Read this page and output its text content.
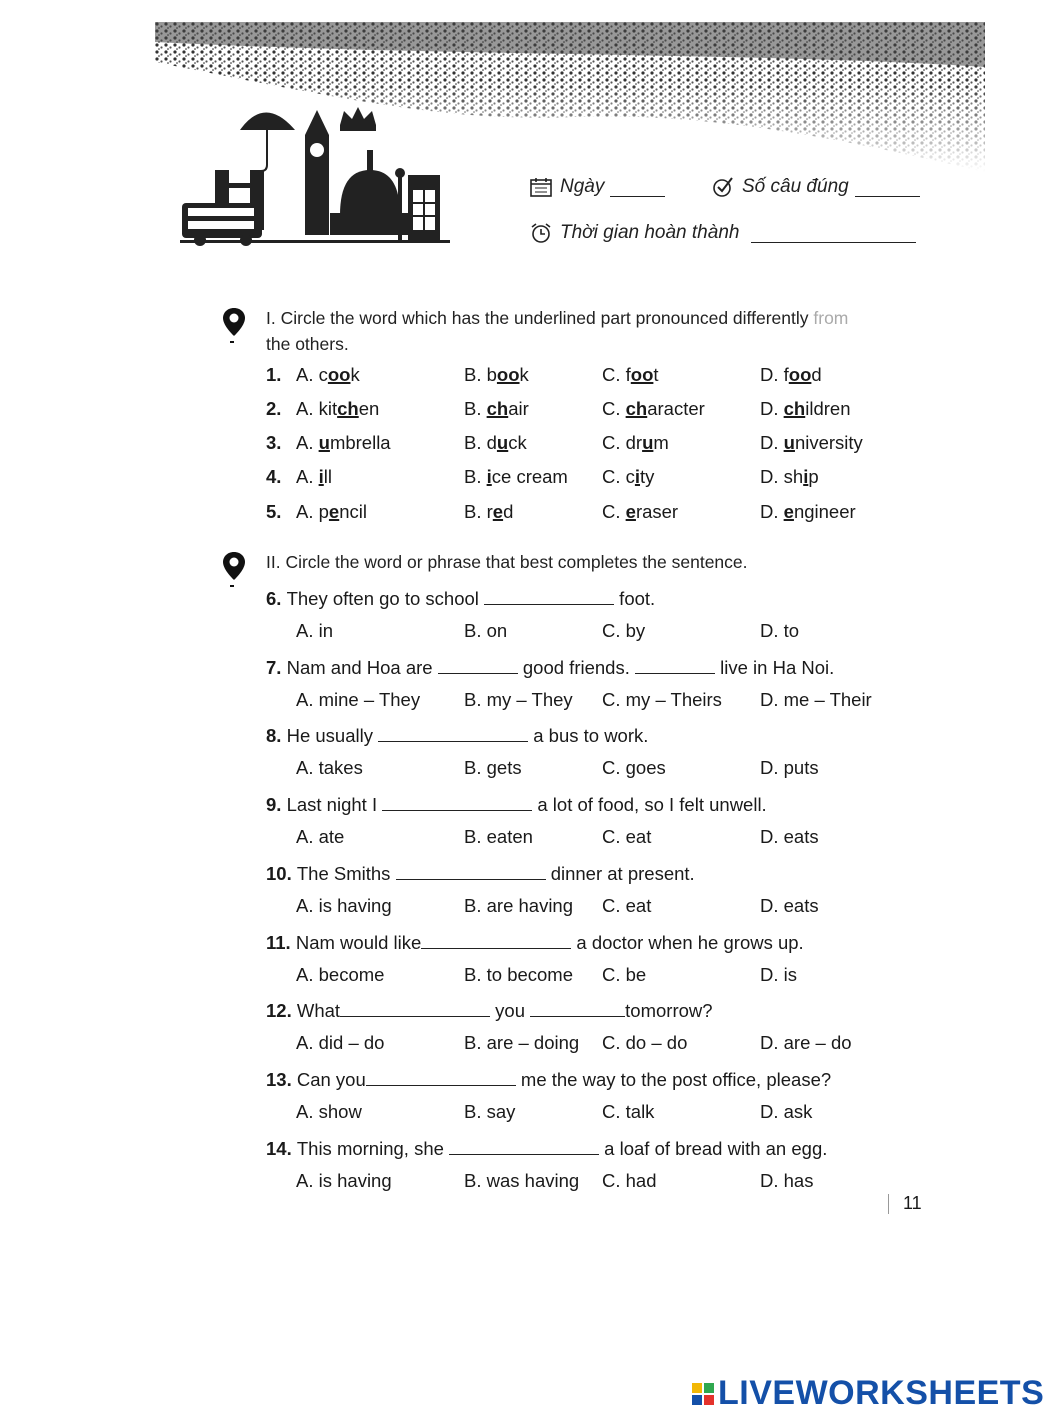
Ngày	Số câu đúng
Thời gian hoàn thành
I. Circle the word which has the underlined part pronounced differently from
the others.
1. A. cook	B. book	C. foot	D. food
2. A. kitchen	B. chair	C. character	D. children
3. A. umbrella	B. duck	C. drum	D. university
4. A. ill	B. ice cream C. city	D. ship
5. A. pencil	B. red	C. eraser	D. engineer
II. Circle the word or phrase that best completes the sentence.
6. They often go to school	foot.
A. in	B. on	C. by	D. to
7. Nam and Hoa are	good friends.	live in Ha Noi.
A. mine – They B. my – They C. my – Theirs D. me – Their
8. He usually	a bus to work.
A. takes	B. gets	C. goes	D. puts
9. Last night I	a lot of food, so I felt unwell.
A. ate	B. eaten	C. eat	D. eats
10. The Smiths	dinner at present.
A. is having	B. are having C. eat	D. eats
11. Nam would like	a doctor when he grows up.
A. become	B. to become C. be	D. is
12. What	you	tomorrow?
A. did – do	B. are – doing C. do – do	D. are – do
13. Can you	me the way to the post office, please?
A. show	B. say	C. talk	D. ask
14. This morning, she	a loaf of bread with an egg.
A. is having	B. was having C. had	D. has
11
LIVEWORKSHEETS
